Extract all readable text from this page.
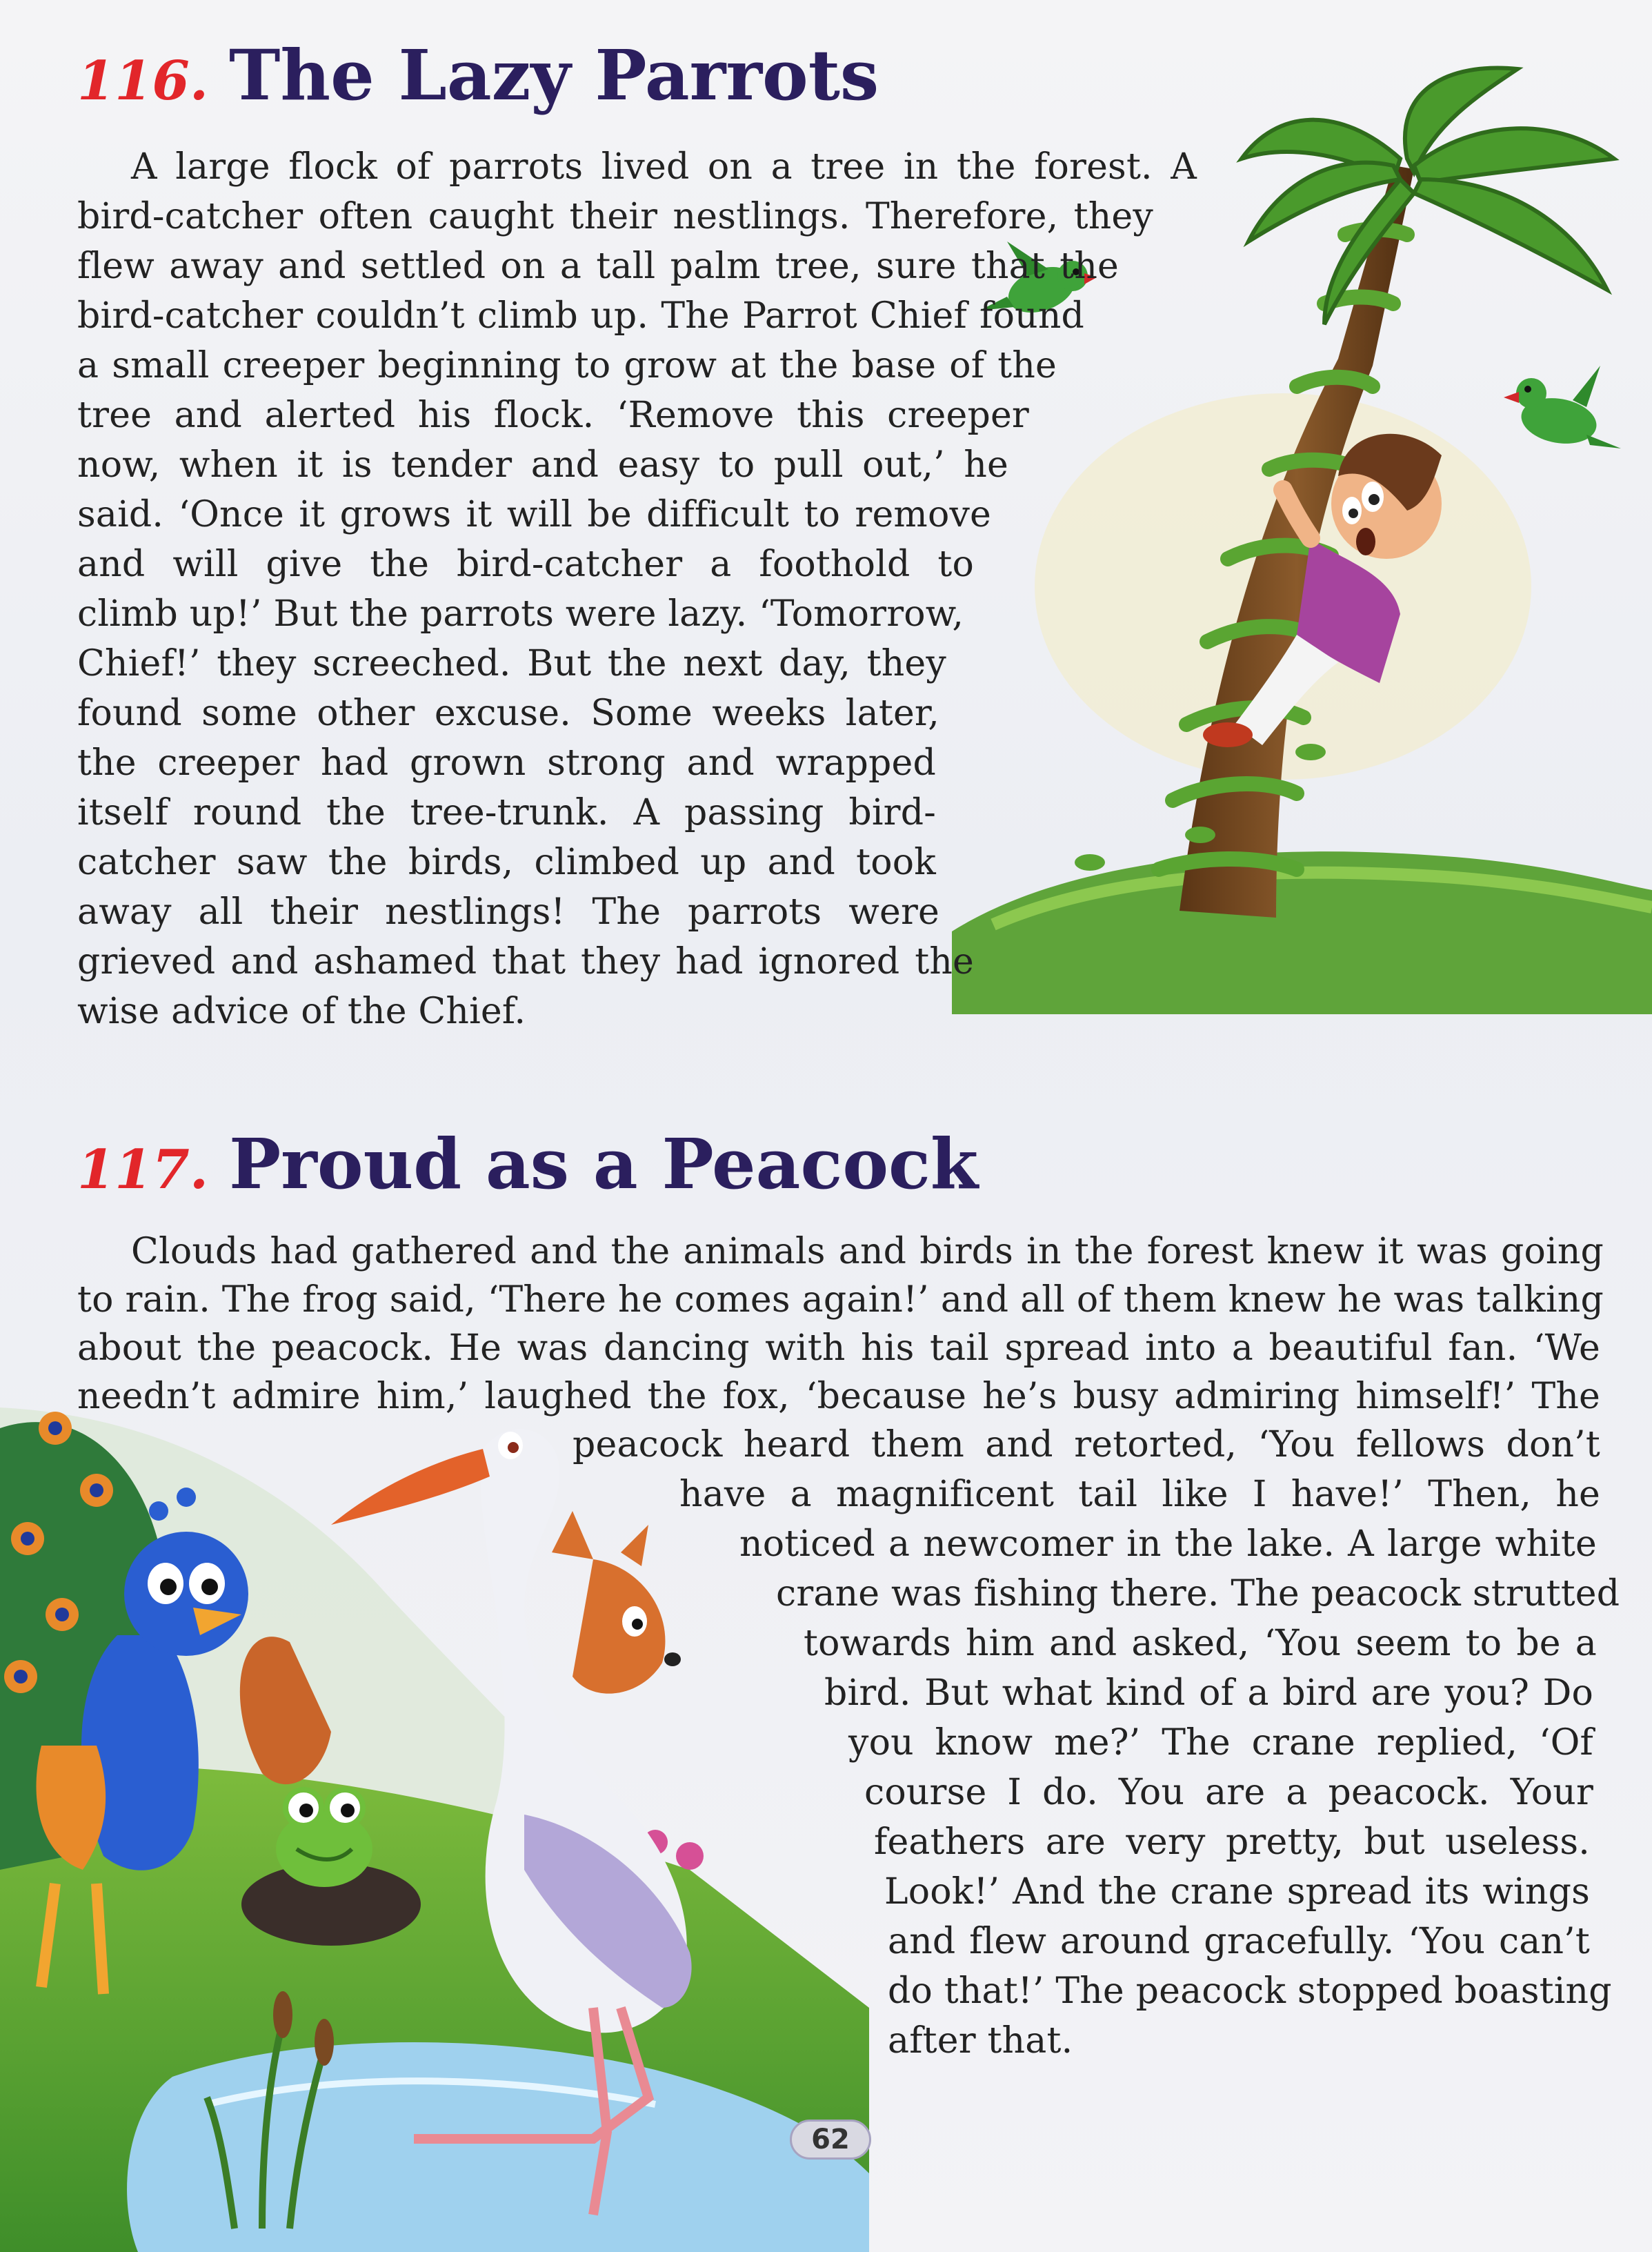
116. The Lazy Parrots
A large flock of parrots lived on a tree in the forest. A
bird-catcher often caught their nestlings. Therefore, they
flew away and settled on a tall palm tree, sure that the
bird-catcher couldn’t climb up. The Parrot Chief found
a small creeper beginning to grow at the base of the
tree and alerted his flock. ‘Remove this creeper
now, when it is tender and easy to pull out,’ he
said. ‘Once it grows it will be difficult to remove
and will give the bird-catcher a foothold to
climb up!’ But the parrots were lazy. ‘Tomorrow,
Chief!’ they screeched. But the next day, they
found some other excuse. Some weeks later,
the creeper had grown strong and wrapped
itself round the tree-trunk. A passing bird-
catcher saw the birds, climbed up and took
away all their nestlings! The parrots were
grieved and ashamed that they had ignored the
wise advice of the Chief.
117. Proud as a Peacock
Clouds had gathered and the animals and birds in the forest knew it was going
to rain. The frog said, ‘There he comes again!’ and all of them knew he was talking
about the peacock. He was dancing with his tail spread into a beautiful fan. ‘We
needn’t admire him,’ laughed the fox, ‘because he’s busy admiring himself!’ The
peacock heard them and retorted, ‘You fellows don’t
have a magnificent tail like I have!’ Then, he
noticed a newcomer in the lake. A large white
crane was fishing there. The peacock strutted
towards him and asked, ‘You seem to be a
bird. But what kind of a bird are you? Do
you know me?’ The crane replied, ‘Of
course I do. You are a peacock. Your
feathers are very pretty, but useless.
Look!’ And the crane spread its wings
and flew around gracefully. ‘You can’t
do that!’ The peacock stopped boasting
after that.
62
